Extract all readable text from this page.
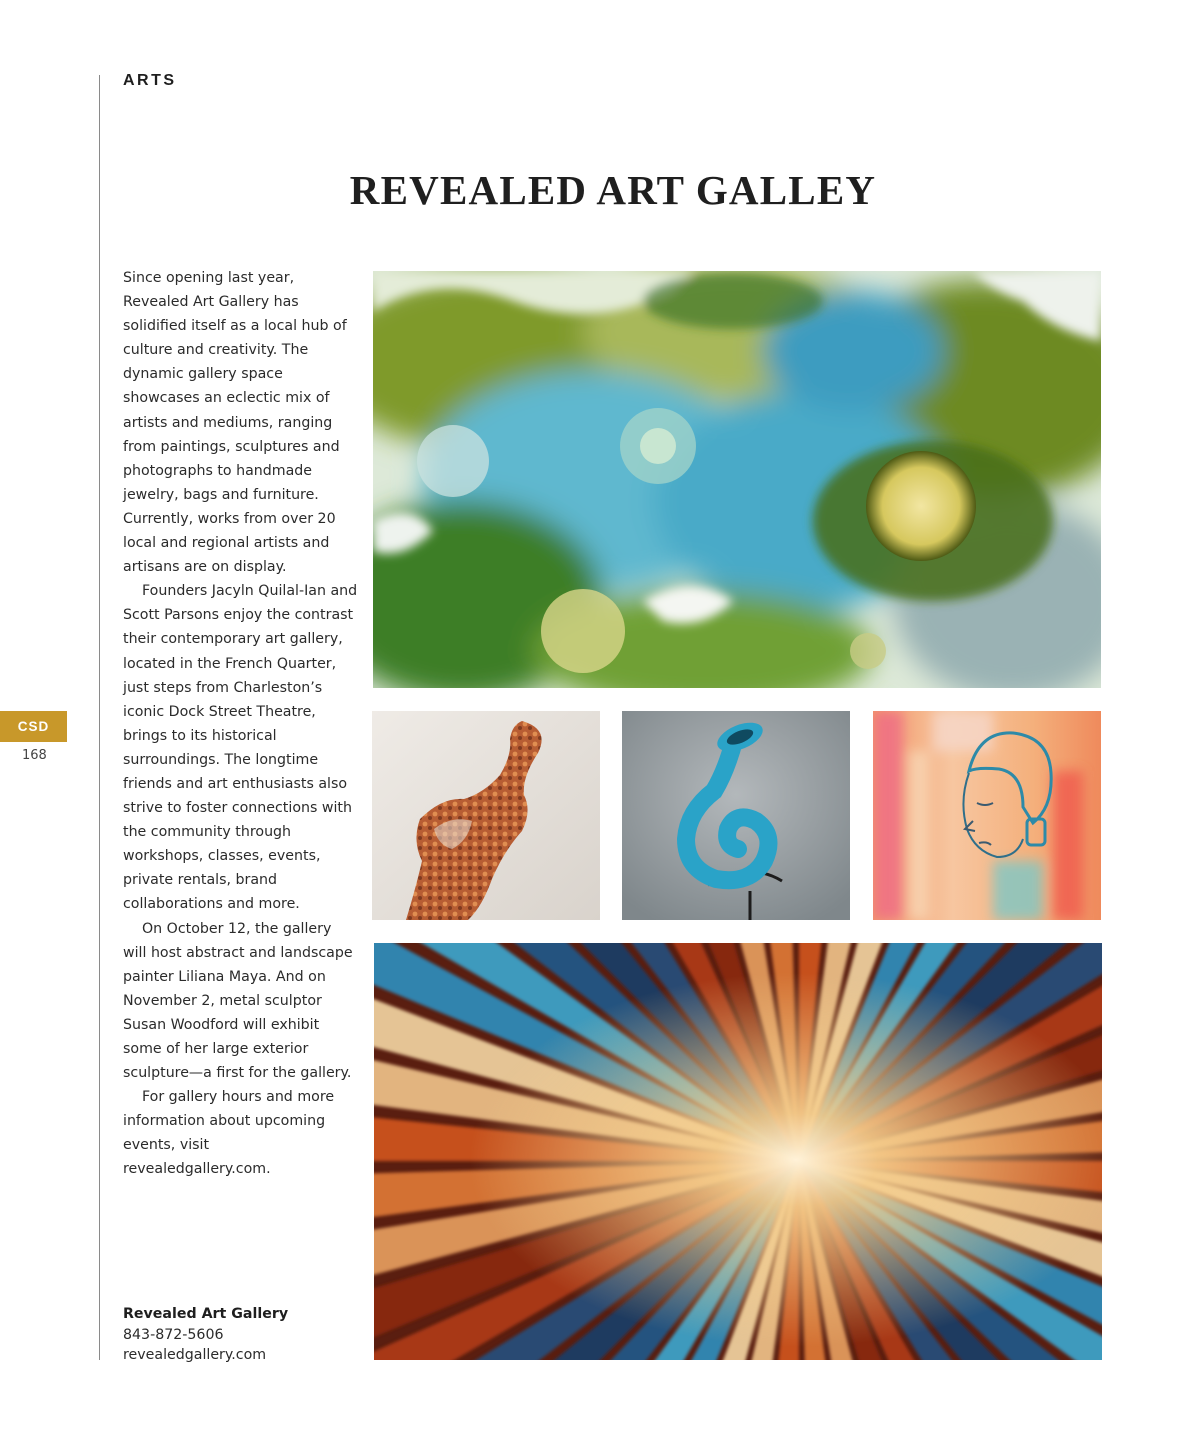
ARTS
REVEALED ART GALLEY

Since opening last year, Revealed Art Gallery has solidified itself as a local hub of culture and creativity. The dynamic gallery space showcases an eclectic mix of artists and mediums, ranging from paintings, sculptures and photographs to handmade jewelry, bags and furniture. Currently, works from over 20 local and regional artists and artisans are on display.

Founders Jacyln Quilal-Ian and Scott Parsons enjoy the contrast their contemporary art gallery, located in the French Quarter, just steps from Charleston’s iconic Dock Street Theatre, brings to its historical surroundings. The longtime friends and art enthusiasts also strive to foster connections with the community through workshops, classes, events, private rentals, brand collaborations and more.

On October 12, the gallery will host abstract and landscape painter Liliana Maya. And on November 2, metal sculptor Susan Woodford will exhibit some of her large exterior sculpture—a first for the gallery.

For gallery hours and more information about upcoming events, visit revealedgallery.com.

Revealed Art Gallery
843-872-5606
revealedgallery.com
CSD
168
